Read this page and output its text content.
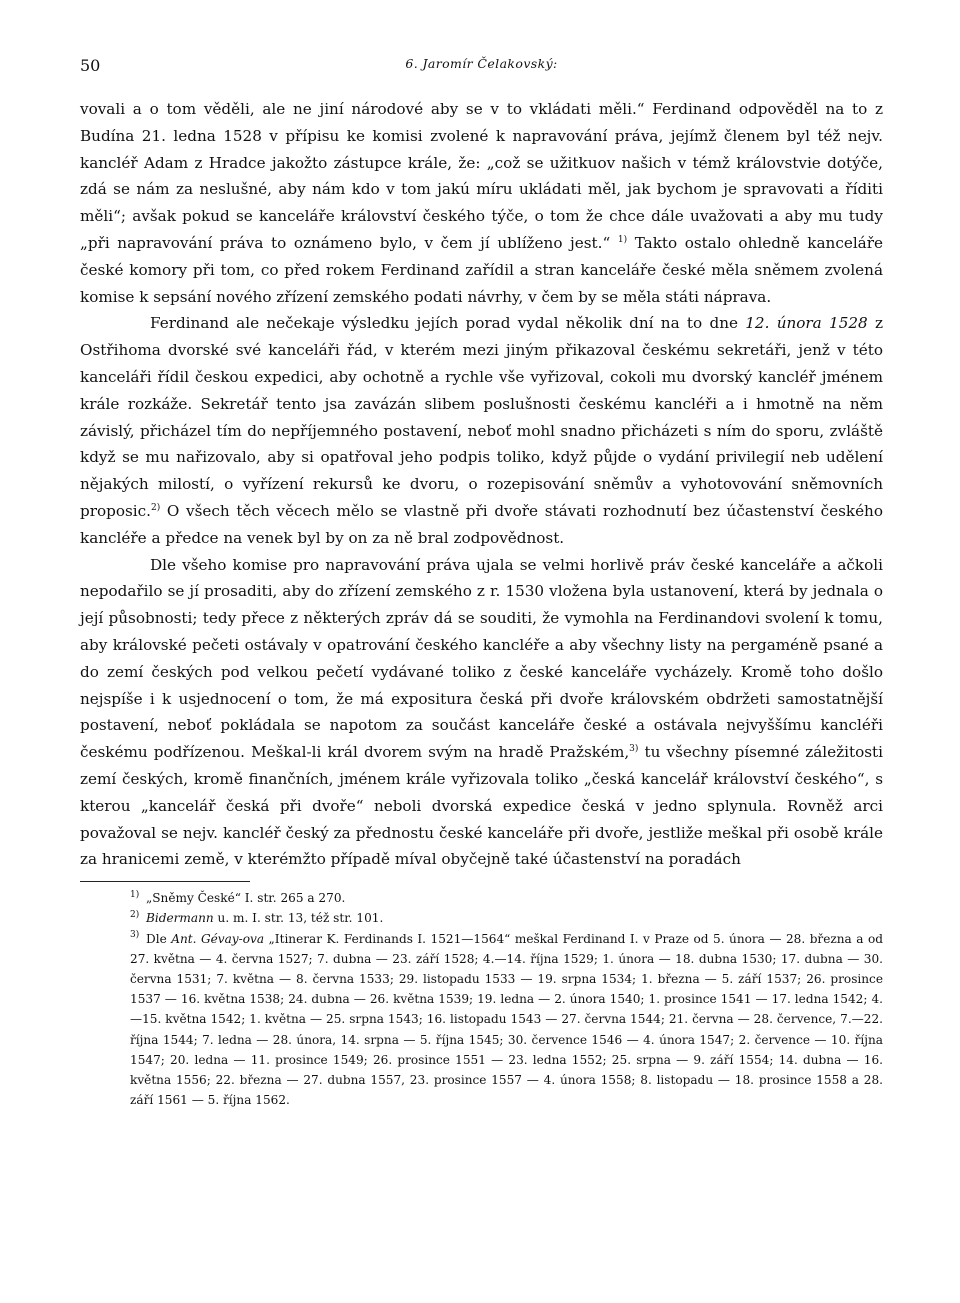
50	6. Jaromír Čelakovský:

vovali a o tom věděli, ale ne jiní národové aby se v to vkládati měli.“ Ferdinand odpověděl na to z Budína 21. ledna 1528 v přípisu ke komisi zvolené k napravování práva, jejímž členem byl též nejv. kancléř Adam z Hradce jakožto zástupce krále, že: „což se užitkuov našich v témž královstvie dotýče, zdá se nám za neslušné, aby nám kdo v tom jakú míru ukládati měl, jak bychom je spravovati a říditi měli“; avšak pokud se kanceláře království českého týče, o tom že chce dále uvažovati a aby mu tudy „při napravování práva to oznámeno bylo, v čem jí ublíženo jest.“ $^{1)}$ Takto ostalo ohledně kanceláře české komory při tom, co před rokem Ferdinand zařídil a stran kanceláře české měla sněmem zvolená komise k sepsání nového zřízení zemského podati návrhy, v čem by se měla státi náprava.

Ferdinand ale nečekaje výsledku jejích porad vydal několik dní na to dne 12. února 1528 z Ostřihoma dvorské své kanceláři řád, v kterém mezi jiným přikazoval českému sekretáři, jenž v této kanceláři řídil českou expedici, aby ochotně a rychle vše vyřizoval, cokoli mu dvorský kancléř jménem krále rozkáže. Sekretář tento jsa zavázán slibem poslušnosti českému kancléři a i hmotně na něm závislý, přicházel tím do nepříjemného postavení, neboť mohl snadno přicházeti s ním do sporu, zvláště když se mu nařizovalo, aby si opatřoval jeho podpis toliko, když půjde o vydání privilegií neb udělení nějakých milostí, o vyřízení rekursů ke dvoru, o rozepisování sněmův a vyhotovování sněmovních proposic.$^{2)}$ O všech těch věcech mělo se vlastně při dvoře stávati rozhodnutí bez účastenství českého kancléře a předce na venek byl by on za ně bral zodpovědnost.

Dle všeho komise pro napravování práva ujala se velmi horlivě práv české kanceláře a ačkoli nepodařilo se jí prosaditi, aby do zřízení zemského z r. 1530 vložena byla ustanovení, která by jednala o její působnosti; tedy přece z některých zpráv dá se souditi, že vymohla na Ferdinandovi svolení k tomu, aby královské pečeti ostávaly v opatrování českého kancléře a aby všechny listy na pergaméně psané a do zemí českých pod velkou pečetí vydávané toliko z české kanceláře vycházely. Kromě toho došlo nejspíše i k usjednocení o tom, že má expositura česká při dvoře královském obdržeti samostatnější postavení, neboť pokládala se napotom za součást kanceláře české a ostávala nejvyššímu kancléři českému podřízenou. Meškal-li král dvorem svým na hradě Pražském,$^{3)}$ tu všechny písemné záležitosti zemí českých, kromě finančních, jménem krále vyřizovala toliko „česká kancelář království českého“, s kterou „kancelář česká při dvoře“ neboli dvorská expedice česká v jedno splynula. Rovněž arci považoval se nejv. kancléř český za přednostu české kanceláře při dvoře, jestliže meškal při osobě krále za hranicemi země, v kterémžto případě míval obyčejně také účastenství na poradách

$^{1)}$ „Sněmy České“ I. str. 265 a 270.
$^{2)}$ Bidermann u. m. I. str. 13, též str. 101.
$^{3)}$ Dle Ant. Gévay-ova „Itinerar K. Ferdinands I. 1521—1564“ meškal Ferdinand I. v Praze od 5. února — 28. března a od 27. května — 4. června 1527; 7. dubna — 23. září 1528; 4.—14. října 1529; 1. února — 18. dubna 1530; 17. dubna — 30. června 1531; 7. května — 8. června 1533; 29. listopadu 1533 — 19. srpna 1534; 1. března — 5. září 1537; 26. prosince 1537 — 16. května 1538; 24. dubna — 26. května 1539; 19. ledna — 2. února 1540; 1. prosince 1541 — 17. ledna 1542; 4.—15. května 1542; 1. května — 25. srpna 1543; 16. listopadu 1543 — 27. června 1544; 21. června — 28. července, 7.—22. října 1544; 7. ledna — 28. února, 14. srpna — 5. října 1545; 30. července 1546 — 4. února 1547; 2. července — 10. října 1547; 20. ledna — 11. prosince 1549; 26. prosince 1551 — 23. ledna 1552; 25. srpna — 9. září 1554; 14. dubna — 16. května 1556; 22. března — 27. dubna 1557, 23. prosince 1557 — 4. února 1558; 8. listopadu — 18. prosince 1558 a 28. září 1561 — 5. října 1562.
